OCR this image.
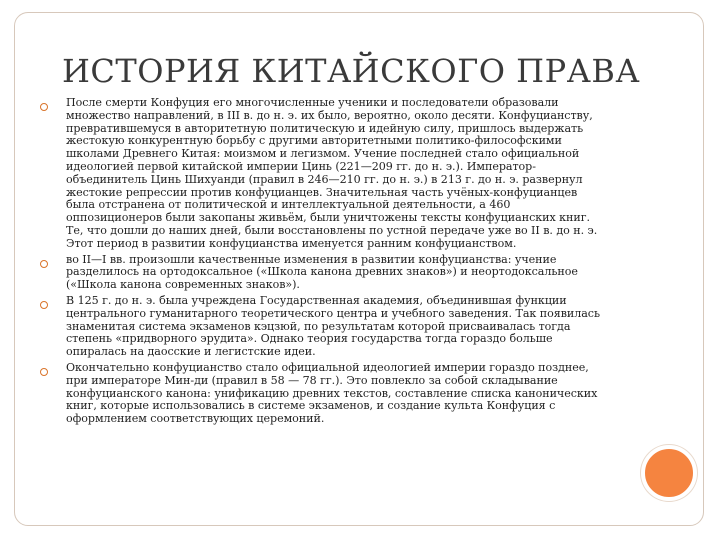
ИСТОРИЯ КИТАЙСКОГО ПРАВА
После смерти Конфуция его многочисленные ученики и последователи образовали множество направлений, в III в. до н. э. их было, вероятно, около десяти. Конфуцианству, превратившемуся в авторитетную политическую и идейную силу, пришлось выдержать жестокую конкурентную борьбу с другими авторитетными политико-философскими школами Древнего Китая: моизмом и легизмом. Учение последней стало официальной идеологией первой китайской империи Цинь (221—209 гг. до н. э.). Император-объединитель Цинь Шихуанди (правил в 246—210 гг. до н. э.) в 213 г. до н. э. развернул жестокие репрессии против конфуцианцев. Значительная часть учёных-конфуцианцев была отстранена от политической и интеллектуальной деятельности, а 460 оппозиционеров были закопаны живьём, были уничтожены тексты конфуцианских книг. Те, что дошли до наших дней, были восстановлены по устной передаче уже во II в. до н. э. Этот период в развитии конфуцианства именуется ранним конфуцианством.
во II—I вв. произошли качественные изменения в развитии конфуцианства: учение разделилось на ортодоксальное («Школа канона древних знаков») и неортодоксальное («Школа канона современных знаков»).
В 125 г. до н. э. была учреждена Государственная академия, объединившая функции центрального гуманитарного теоретического центра и учебного заведения. Так появилась знаменитая система экзаменов кэцзюй, по результатам которой присваивалась тогда степень «придворного эрудита». Однако теория государства тогда гораздо больше опиралась на даосские и легистские идеи.
Окончательно конфуцианство стало официальной идеологией империи гораздо позднее, при императоре Мин-ди (правил в 58 — 78 гг.). Это повлекло за собой складывание конфуцианского канона: унификацию древних текстов, составление списка канонических книг, которые использовались в системе экзаменов, и создание культа Конфуция с оформлением соответствующих церемоний.
